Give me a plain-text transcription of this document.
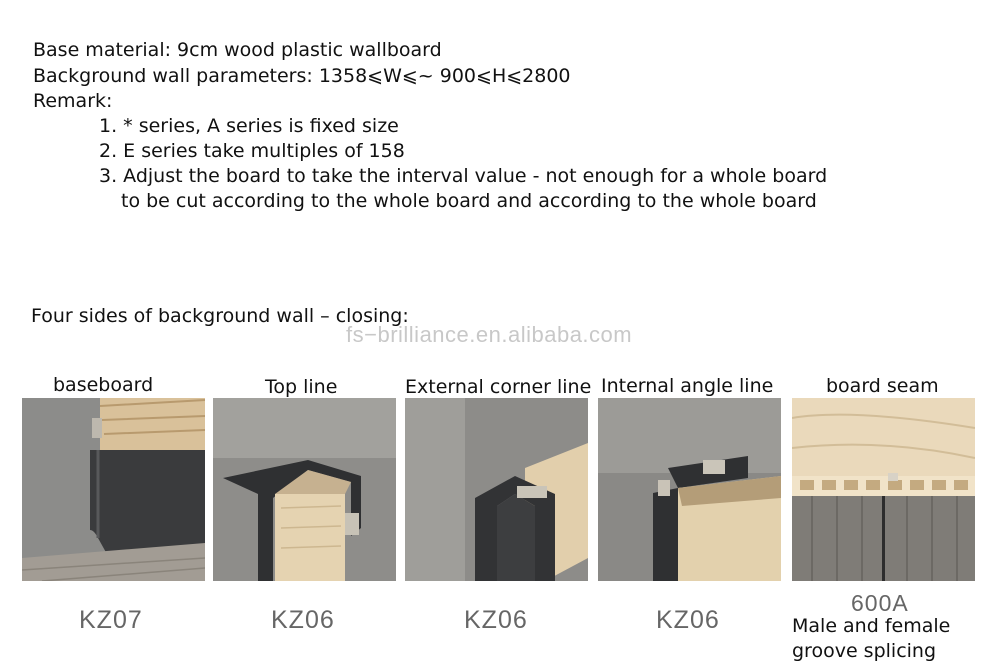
Base material: 9cm wood plastic wallboard
Background wall parameters: 1358⩽W⩽~ 900⩽H⩽2800
Remark:
1. * series, A series is fixed size
2. E series take multiples of 158
3. Adjust the board to take the interval value - not enough for a whole board
to be cut according to the whole board and according to the whole board
Four sides of background wall – closing:
fs−brilliance.en.alibaba.com
baseboard	Top line	External corner line Internal angle line	board seam
KZ07	KZ06	KZ06	KZ06
600A
Male and female
groove splicing
